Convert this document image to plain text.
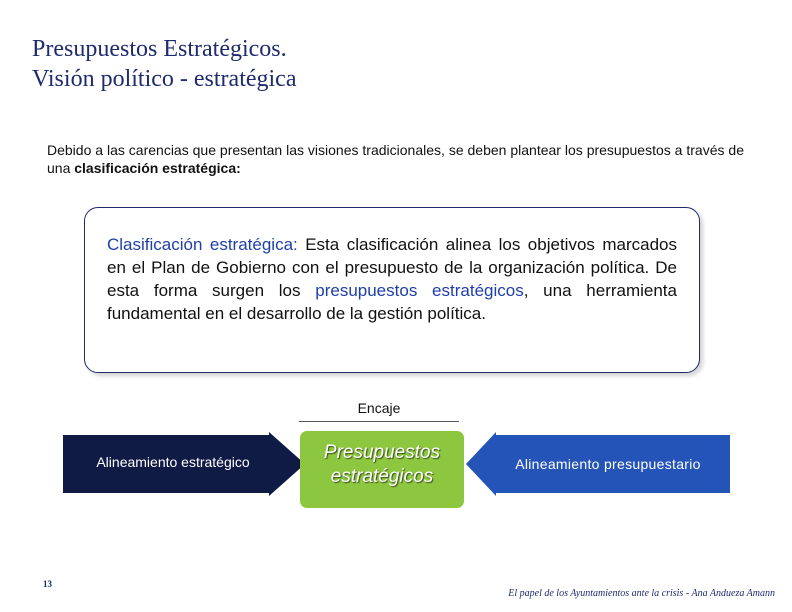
Presupuestos Estratégicos.
Visión político - estratégica
Debido a las carencias que presentan las visiones tradicionales, se deben plantear los presupuestos a través de una clasificación estratégica:
Clasificación estratégica: Esta clasificación alinea los objetivos marcados en el Plan de Gobierno con el presupuesto de la organización política. De esta forma surgen los presupuestos estratégicos, una herramienta fundamental en el desarrollo de la gestión política.
Encaje
Alineamiento estratégico	Presupuestos
estratégicos
Alineamiento presupuestario
13
El papel de los Ayuntamientos ante la crisis - Ana Andueza Amann
